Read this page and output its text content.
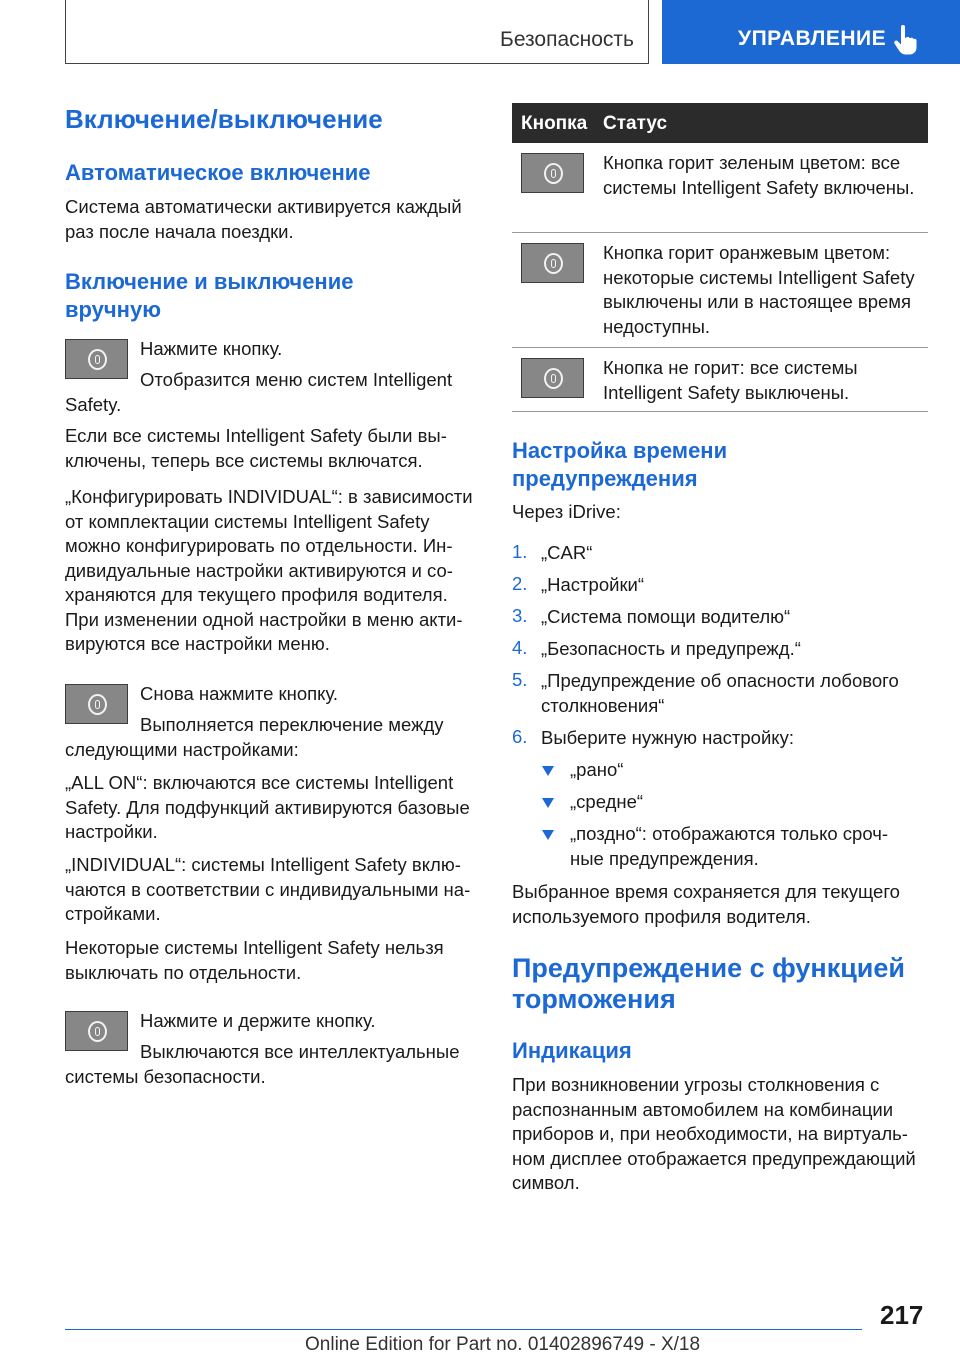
Безопасность	УПРАВЛЕНИЕ
Включение/выключение
Автоматическое включение
Система автоматически активируется каждый раз после начала поездки.
Включение и выключение вручную
Нажмите кнопку.
Отобразится меню систем Intelligent Safety.
Если все системы Intelligent Safety были выключены, теперь все системы включатся.
„Конфигурировать INDIVIDUAL“: в зависимости от комплектации системы Intelligent Safety можно конфигурировать по отдельности. Индивидуальные настройки активируются и сохраняются для текущего профиля водителя. При изменении одной настройки в меню активируются все настройки меню.
Снова нажмите кнопку.
Выполняется переключение между следующими настройками:
„ALL ON“: включаются все системы Intelligent Safety. Для подфункций активируются базовые настройки.
„INDIVIDUAL“: системы Intelligent Safety включаются в соответствии с индивидуальными настройками.
Некоторые системы Intelligent Safety нельзя выключать по отдельности.
Нажмите и держите кнопку.
Выключаются все интеллектуальные системы безопасности.
Кнопка Статус
Кнопка горит зеленым цветом: все системы Intelligent Safety включены.
Кнопка горит оранжевым цветом: некоторые системы Intelligent Safety выключены или в настоящее время недоступны.
Кнопка не горит: все системы Intelligent Safety выключены.
Настройка времени предупреждения
Через iDrive:
1. „CAR“
2. „Настройки“
3. „Система помощи водителю“
4. „Безопасность и предупрежд.“
5. „Предупреждение об опасности лобового столкновения“
6. Выберите нужную настройку:
„рано“
„средне“
„поздно“: отображаются только срочные предупреждения.
Выбранное время сохраняется для текущего используемого профиля водителя.
Предупреждение с функцией торможения
Индикация
При возникновении угрозы столкновения с распознанным автомобилем на комбинации приборов и, при необходимости, на виртуальном дисплее отображается предупреждающий символ.
217
Online Edition for Part no. 01402896749 - X/18
